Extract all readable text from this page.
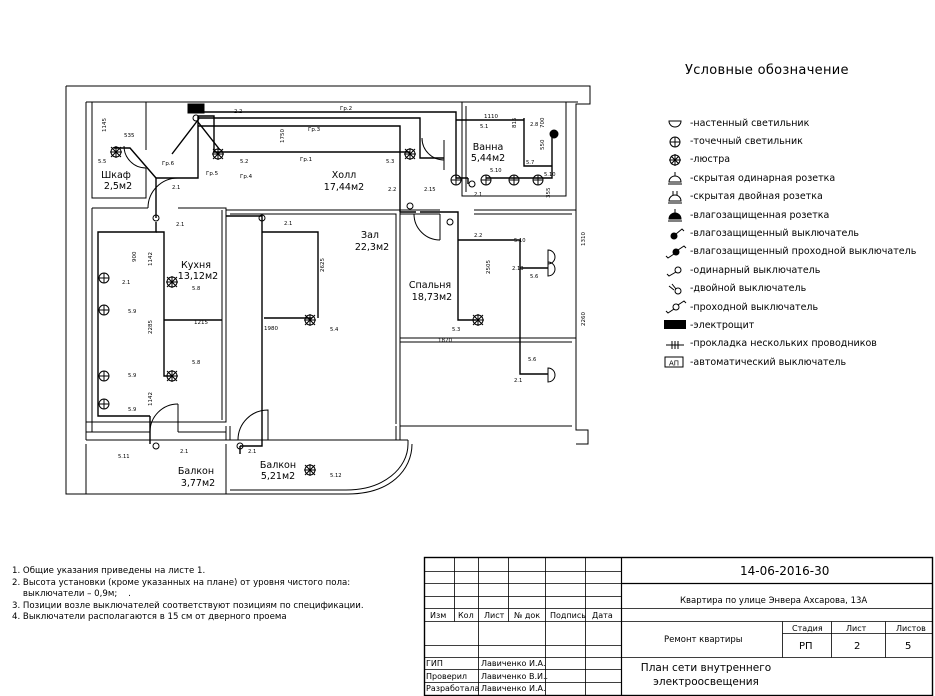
Шкаф
2,5м2
Холл
17,44м2
Ванна
5,44м2
Кухня
13,12м2
Зал
22,3м2
Спальня
18,73м2
Балкон
3,77м2
Балкон
5,21м2
Гр.1
Гр.2
Гр.3
Гр.4
Гр.5
Гр.6
1145
535	1750
1110
815	700
550
355
900 1142
2285
1142
1215
2625
1980
2505
1870
1310
2260
2.2
5.2	5.3
2.15
2.2
5.5
2.1
5.1
5.10
5.7
5.10
2.8
2.1
5.8
5.9
5.9
5.9
5.8
2.1
5.4
2.2
5.10
2.13
5.6
5.3
5.6
2.1
5.11
2.1	2.1
5.12
2.1
2.1
Условные обозначение
-настенный светильник
-точечный светильник
-люстра
-скрытая одинарная розетка
-скрытая двойная розетка
-влагозащищенная розетка
-влагозащищенный выключатель
-влагозащищенный проходной выключатель
-одинарный выключатель
-двойной выключатель
-проходной выключатель
-электрощит
-прокладка нескольких проводников
АП -автоматический выключатель
1. Общие указания приведены на листе 1.
2. Высота установки (кроме указанных на плане) от уровня чистого пола:
выключатели – 0,9м;    .
3. Позиции возле выключателей соответствуют позициям по спецификации.
4. Выключатели располагаются в 15 см от дверного проема
14-06-2016-30
Квартира по улице Энвера Ахсарова, 13А
Ремонт квартиры
Стадия	Лист	Листов
РП	2	5
План сети внутреннего электроосвещения
Изм Кол Лист № док Подпись Дата
ГИП	Лавиченко И.А.
Проверил Лавиченко В.И..
Разработала Лавиченко И.А.
